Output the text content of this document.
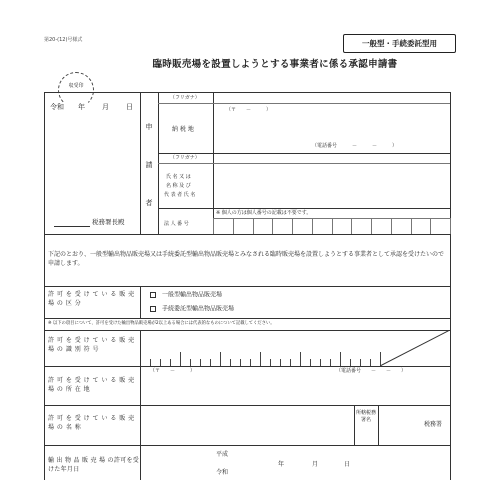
第20-(12)号様式	一般型・手続委託型用
臨時販売場を設置しようとする事業者に係る承認申請書
収受印
令和 年 月 日
税務署長殿
申
請
者
（フリガナ）
納 税 地
（〒　　－　　　）
（電話番号　　　－　　　－　　　）
（フリガナ）
氏 名 又 は
名 称 及 び
代 表 者 氏 名
法 人 番 号
※ 個人の方は個人番号の記載は不要です。
下記のとおり、一般型輸出物品販売場又は手続委託型輸出物品販売場とみなされる臨時販売場を設置しようとする事業者として承認を受けたいので申請します。
許 可 を 受 け て い る 販 売 場 の 区 分
一般型輸出物品販売場
手続委託型輸出物品販売場
※ 以下の項目について、許可を受けた輸出物品販売場が2以上ある場合には代表的なものについて記載してください。
許 可 を 受 け て い る 販 売 場 の 識 別 符 号
許 可 を 受 け て い る 販 売 場 の 所 在 地
（〒　　－　　　）	（電話番号　　－　　－　　）
許 可 を 受 け て い る 販 売 場 の 名 称
所轄税務署名
税務署
輸 出 物 品 販 売 場 の許可を受けた年月日
平成
令和
年	月	日
